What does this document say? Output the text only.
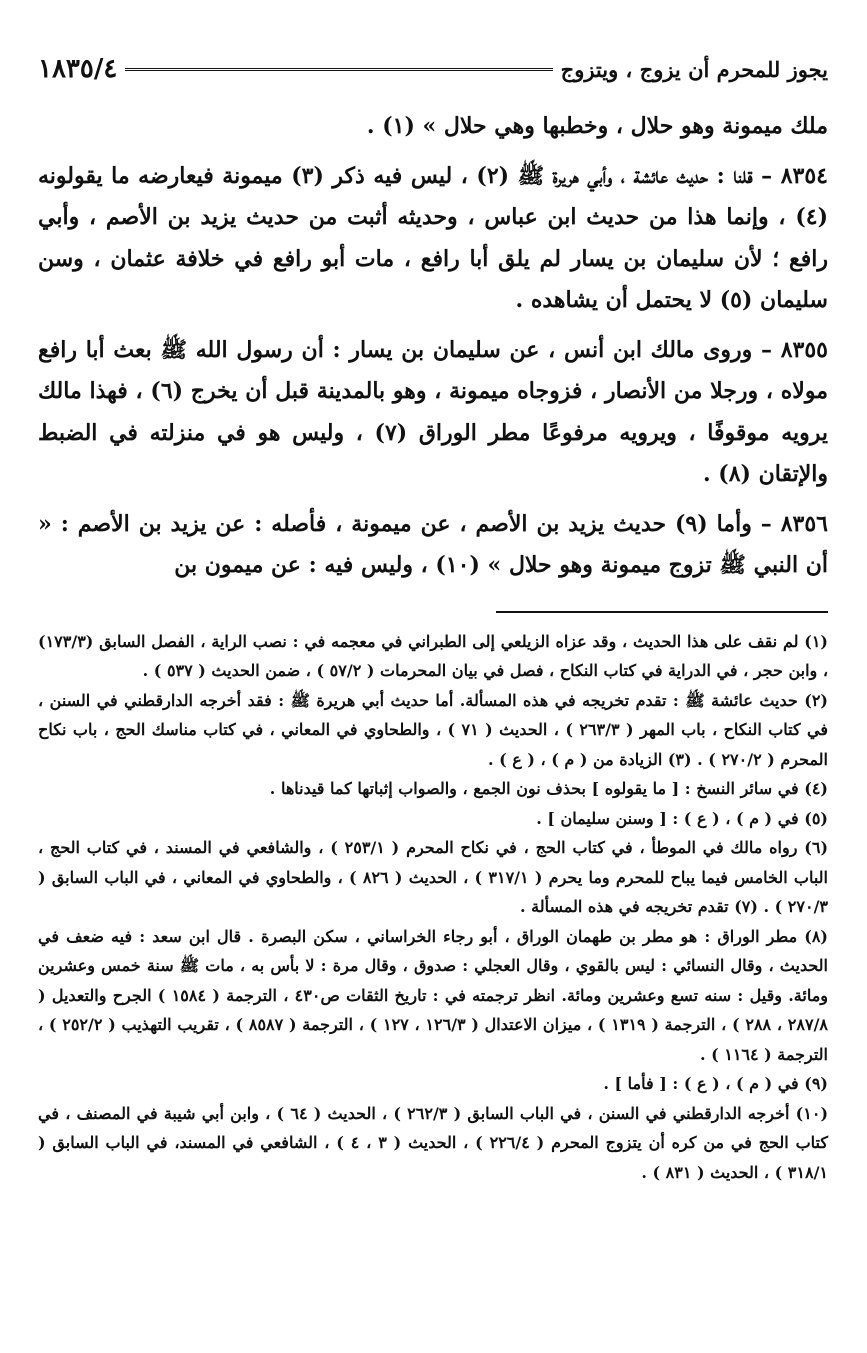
يجوز للمحرم أن يزوج ، ويتزوج
١٨٣٥/٤

ملك ميمونة وهو حلال ، وخطبها وهي حلال » (١) .

٨٣٥٤ – قلنا : حديث عائشة ، وأبي هريرة ﷺ (٢) ، ليس فيه ذكر (٣) ميمونة فيعارضه ما يقولونه (٤) ، وإنما هذا من حديث ابن عباس ، وحديثه أثبت من حديث يزيد بن الأصم ، وأبي رافع ؛ لأن سليمان بن يسار لم يلق أبا رافع ، مات أبو رافع في خلافة عثمان ، وسن سليمان (٥) لا يحتمل أن يشاهده .

٨٣٥٥ – وروى مالك ابن أنس ، عن سليمان بن يسار : أن رسول الله ﷺ بعث أبا رافع مولاه ، ورجلا من الأنصار ، فزوجاه ميمونة ، وهو بالمدينة قبل أن يخرج (٦) ، فهذا مالك يرويه موقوفًا ، ويرويه مرفوعًا مطر الوراق (٧) ، وليس هو في منزلته في الضبط والإتقان (٨) .

٨٣٥٦ – وأما (٩) حديث يزيد بن الأصم ، عن ميمونة ، فأصله : عن يزيد بن الأصم : « أن النبي ﷺ تزوج ميمونة وهو حلال » (١٠) ، وليس فيه : عن ميمون بن

(١) لم نقف على هذا الحديث ، وقد عزاه الزيلعي إلى الطبراني في معجمه في : نصب الراية ، الفصل السابق (١٧٣/٣) ، وابن حجر ، في الدراية في كتاب النكاح ، فصل في بيان المحرمات ( ٥٧/٢ ) ، ضمن الحديث ( ٥٣٧ ) .

(٢) حديث عائشة ﷺ : تقدم تخريجه في هذه المسألة. أما حديث أبي هريرة ﷺ : فقد أخرجه الدارقطني في السنن ، في كتاب النكاح ، باب المهر ( ٢٦٣/٣ ) ، الحديث ( ٧١ ) ، والطحاوي في المعاني ، في كتاب مناسك الحج ، باب نكاح المحرم ( ٢٧٠/٢ ) . (٣) الزيادة من ( م ) ، ( ع ) .

(٤) في سائر النسخ : [ ما يقولوه ] بحذف نون الجمع ، والصواب إثباتها كما قيدناها .

(٥) في ( م ) ، ( ع ) : [ وسنن سليمان ] .

(٦) رواه مالك في الموطأ ، في كتاب الحج ، في نكاح المحرم ( ٢٥٣/١ ) ، والشافعي في المسند ، في كتاب الحج ، الباب الخامس فيما يباح للمحرم وما يحرم ( ٣١٧/١ ) ، الحديث ( ٨٢٦ ) ، والطحاوي في المعاني ، في الباب السابق ( ٢٧٠/٣ ) . (٧) تقدم تخريجه في هذه المسألة .

(٨) مطر الوراق : هو مطر بن طهمان الوراق ، أبو رجاء الخراساني ، سكن البصرة . قال ابن سعد : فيه ضعف في الحديث ، وقال النسائي : ليس بالقوي ، وقال العجلي : صدوق ، وقال مرة : لا بأس به ، مات ﷺ سنة خمس وعشرين ومائة. وقيل : سنه تسع وعشرين ومائة. انظر ترجمته في : تاريخ الثقات ص٤٣٠ ، الترجمة ( ١٥٨٤ ) الجرح والتعديل ( ٢٨٧/٨ ، ٢٨٨ ) ، الترجمة ( ١٣١٩ ) ، ميزان الاعتدال ( ١٢٦/٣ ، ١٢٧ ) ، الترجمة ( ٨٥٨٧ ) ، تقريب التهذيب ( ٢٥٢/٢ ) ، الترجمة ( ١١٦٤ ) .

(٩) في ( م ) ، ( ع ) : [ فأما ] .

(١٠) أخرجه الدارقطني في السنن ، في الباب السابق ( ٢٦٢/٣ ) ، الحديث ( ٦٤ ) ، وابن أبي شيبة في المصنف ، في كتاب الحج في من كره أن يتزوج المحرم ( ٢٢٦/٤ ) ، الحديث ( ٣ ، ٤ ) ، الشافعي في المسند، في الباب السابق ( ٣١٨/١ ) ، الحديث ( ٨٣١ ) .
